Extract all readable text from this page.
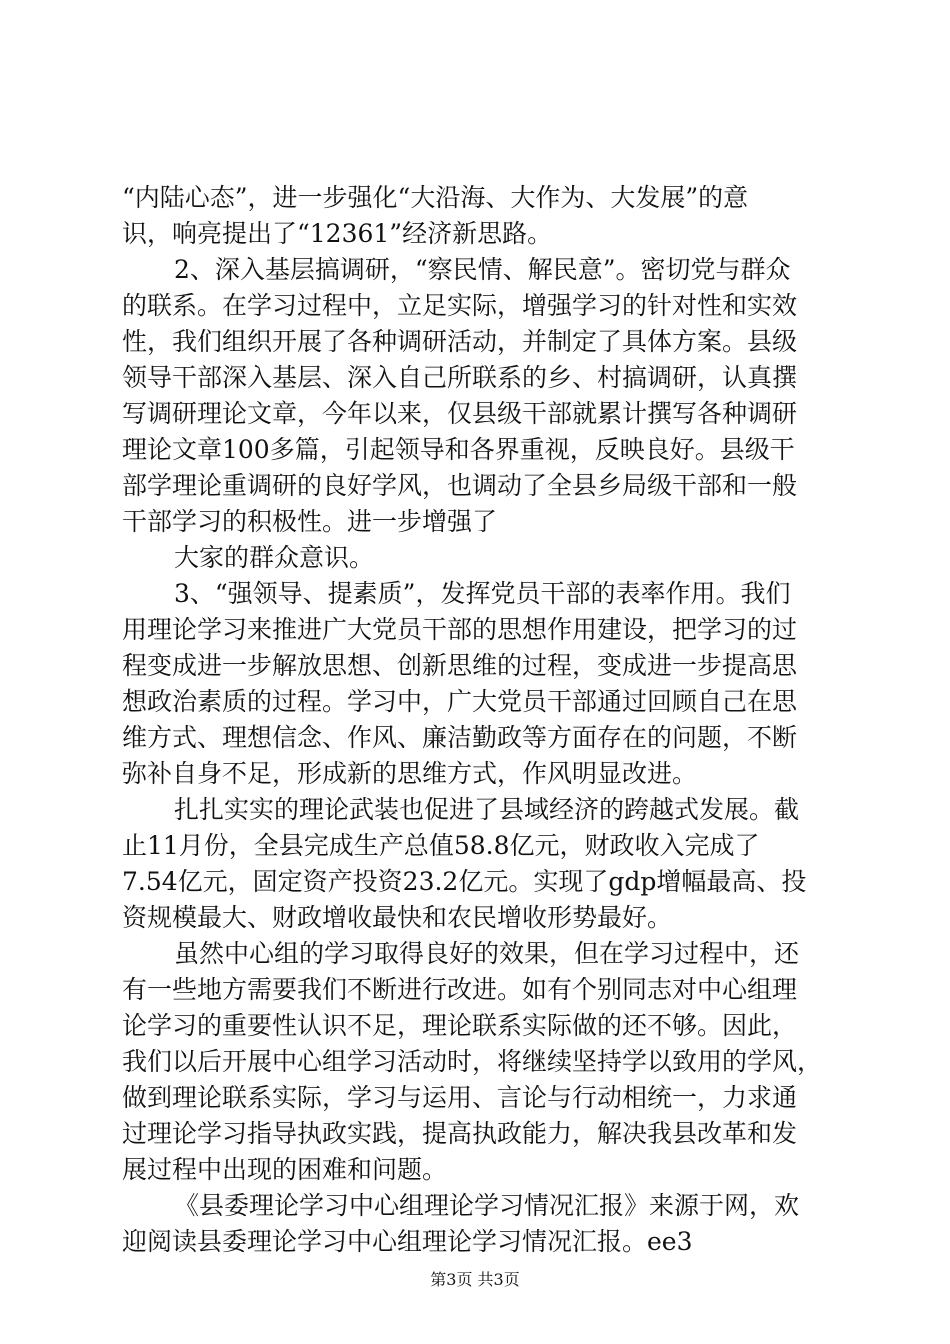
“内陆心态”，进一步强化“大沿海、大作为、大发展”的意
识，响亮提出了“12361”经济新思路。
2、深入基层搞调研，“察民情、解民意”。密切党与群众
的联系。在学习过程中，立足实际，增强学习的针对性和实效
性，我们组织开展了各种调研活动，并制定了具体方案。县级
领导干部深入基层、深入自己所联系的乡、村搞调研，认真撰
写调研理论文章，今年以来，仅县级干部就累计撰写各种调研
理论文章100多篇，引起领导和各界重视，反映良好。县级干
部学理论重调研的良好学风，也调动了全县乡局级干部和一般
干部学习的积极性。进一步增强了
大家的群众意识。
3、“强领导、提素质”，发挥党员干部的表率作用。我们
用理论学习来推进广大党员干部的思想作用建设，把学习的过
程变成进一步解放思想、创新思维的过程，变成进一步提高思
想政治素质的过程。学习中，广大党员干部通过回顾自己在思
维方式、理想信念、作风、廉洁勤政等方面存在的问题，不断
弥补自身不足，形成新的思维方式，作风明显改进。
扎扎实实的理论武装也促进了县域经济的跨越式发展。截
止11月份，全县完成生产总值58.8亿元，财政收入完成了
7.54亿元，固定资产投资23.2亿元。实现了gdp增幅最高、投
资规模最大、财政增收最快和农民增收形势最好。
虽然中心组的学习取得良好的效果，但在学习过程中，还
有一些地方需要我们不断进行改进。如有个别同志对中心组理
论学习的重要性认识不足，理论联系实际做的还不够。因此，
我们以后开展中心组学习活动时，将继续坚持学以致用的学风，
做到理论联系实际，学习与运用、言论与行动相统一，力求通
过理论学习指导执政实践，提高执政能力，解决我县改革和发
展过程中出现的困难和问题。
《县委理论学习中心组理论学习情况汇报》来源于网，欢
迎阅读县委理论学习中心组理论学习情况汇报。ee3
第3页 共3页
